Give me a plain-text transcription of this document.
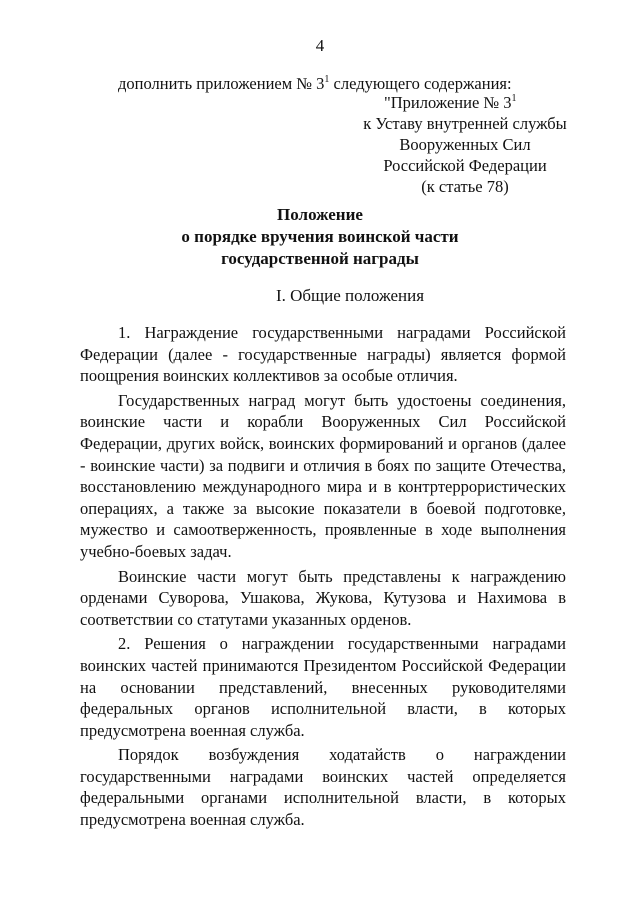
4
дополнить приложением № $3^1$ следующего содержания:
"Приложение № $3^1$
к Уставу внутренней службы
Вооруженных Сил
Российской Федерации
(к статье 78)
Положение
о порядке вручения воинской части
государственной награды
I. Общие положения

1. Награждение государственными наградами Российской Федерации (далее - государственные награды) является формой поощрения воинских коллективов за особые отличия.

Государственных наград могут быть удостоены соединения, воинские части и корабли Вооруженных Сил Российской Федерации, других войск, воинских формирований и органов (далее - воинские части) за подвиги и отличия в боях по защите Отечества, восстановлению международного мира и в контртеррористических операциях, а также за высокие показатели в боевой подготовке, мужество и самоотверженность, проявленные в ходе выполнения учебно-боевых задач.

Воинские части могут быть представлены к награждению орденами Суворова, Ушакова, Жукова, Кутузова и Нахимова в соответствии со статутами указанных орденов.

2. Решения о награждении государственными наградами воинских частей принимаются Президентом Российской Федерации на основании представлений, внесенных руководителями федеральных органов исполнительной власти, в которых предусмотрена военная служба.

Порядок возбуждения ходатайств о награждении государственными наградами воинских частей определяется федеральными органами исполнительной власти, в которых предусмотрена военная служба.
